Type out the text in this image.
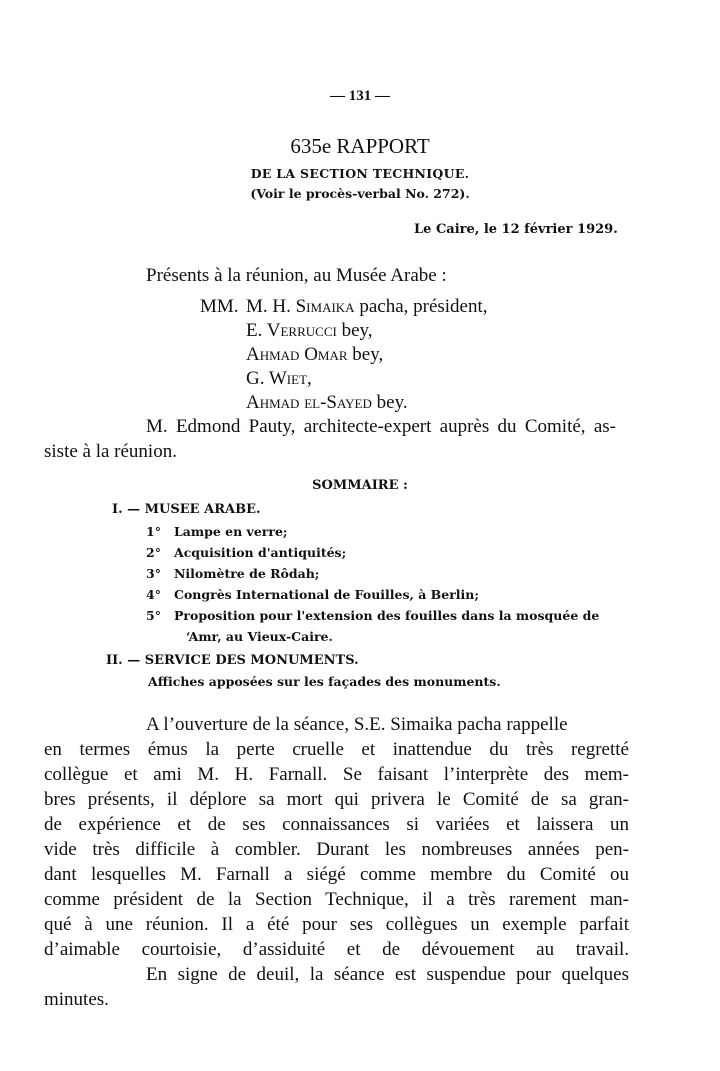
— 131 —
635e RAPPORT
DE LA SECTION TECHNIQUE.
(Voir le procès-verbal No. 272).
Le Caire, le 12 février 1929.
Présents à la réunion, au Musée Arabe :
MM. M. H. Simaika pacha, président,
E. Verrucci bey,
Ahmad Omar bey,
G. Wiet,
Ahmad el-Sayed bey.
M. Edmond Pauty, architecte-expert auprès du Comité, as-
siste à la réunion.
SOMMAIRE :
I. — MUSEE ARABE.
1° Lampe en verre;
2° Acquisition d'antiquités;
3° Nilomètre de Rôdah;
4° Congrès International de Fouilles, à Berlin;
5° Proposition pour l'extension des fouilles dans la mosquée de
‘Amr, au Vieux-Caire.
II. — SERVICE DES MONUMENTS.
Affiches apposées sur les façades des monuments.
A l’ouverture de la séance, S.E. Simaika pacha rappelle
en termes émus la perte cruelle et inattendue du très regretté
collègue et ami M. H. Farnall. Se faisant l’interprète des mem-
bres présents, il déplore sa mort qui privera le Comité de sa gran-
de expérience et de ses connaissances si variées et laissera un
vide très difficile à combler. Durant les nombreuses années pen-
dant lesquelles M. Farnall a siégé comme membre du Comité ou
comme président de la Section Technique, il a très rarement man-
qué à une réunion. Il a été pour ses collègues un exemple parfait
d’aimable courtoisie, d’assiduité et de dévouement au travail.
En signe de deuil, la séance est suspendue pour quelques
minutes.
